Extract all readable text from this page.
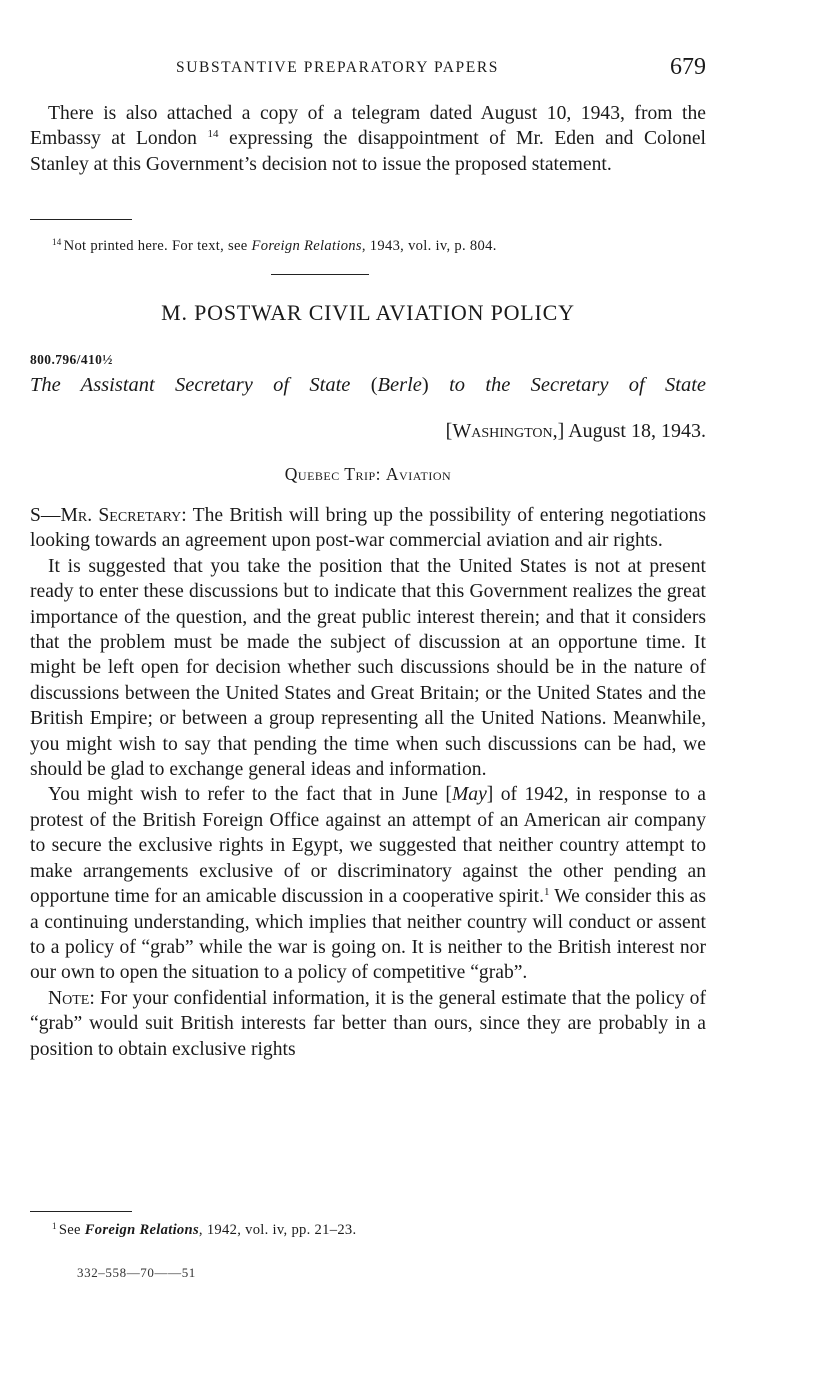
SUBSTANTIVE PREPARATORY PAPERS	679

There is also attached a copy of a telegram dated August 10, 1943, from the Embassy at London $^{14}$ expressing the disappointment of Mr. Eden and Colonel Stanley at this Government’s decision not to issue the proposed statement.

$^{14}$ Not printed here. For text, see Foreign Relations, 1943, vol. iv, p. 804.
M. POSTWAR CIVIL AVIATION POLICY
800.796/410½
The Assistant Secretary of State (Berle) to the Secretary of State
[Washington,] August 18, 1943.
Quebec Trip: Aviation

S—Mr. Secretary: The British will bring up the possibility of entering negotiations looking towards an agreement upon post-war commercial aviation and air rights.

It is suggested that you take the position that the United States is not at present ready to enter these discussions but to indicate that this Government realizes the great importance of the question, and the great public interest therein; and that it considers that the problem must be made the subject of discussion at an opportune time. It might be left open for decision whether such discussions should be in the nature of discussions between the United States and Great Britain; or the United States and the British Empire; or between a group representing all the United Nations. Meanwhile, you might wish to say that pending the time when such discussions can be had, we should be glad to exchange general ideas and information.

You might wish to refer to the fact that in June [May] of 1942, in response to a protest of the British Foreign Office against an attempt of an American air company to secure the exclusive rights in Egypt, we suggested that neither country attempt to make arrangements exclusive of or discriminatory against the other pending an opportune time for an amicable discussion in a cooperative spirit.$^1$ We consider this as a continuing understanding, which implies that neither country will conduct or assent to a policy of “grab” while the war is going on. It is neither to the British interest nor our own to open the situation to a policy of competitive “grab”.

Note: For your confidential information, it is the general estimate that the policy of “grab” would suit British interests far better than ours, since they are probably in a position to obtain exclusive rights

$^1$ See Foreign Relations, 1942, vol. iv, pp. 21–23.
332–558—70——51
